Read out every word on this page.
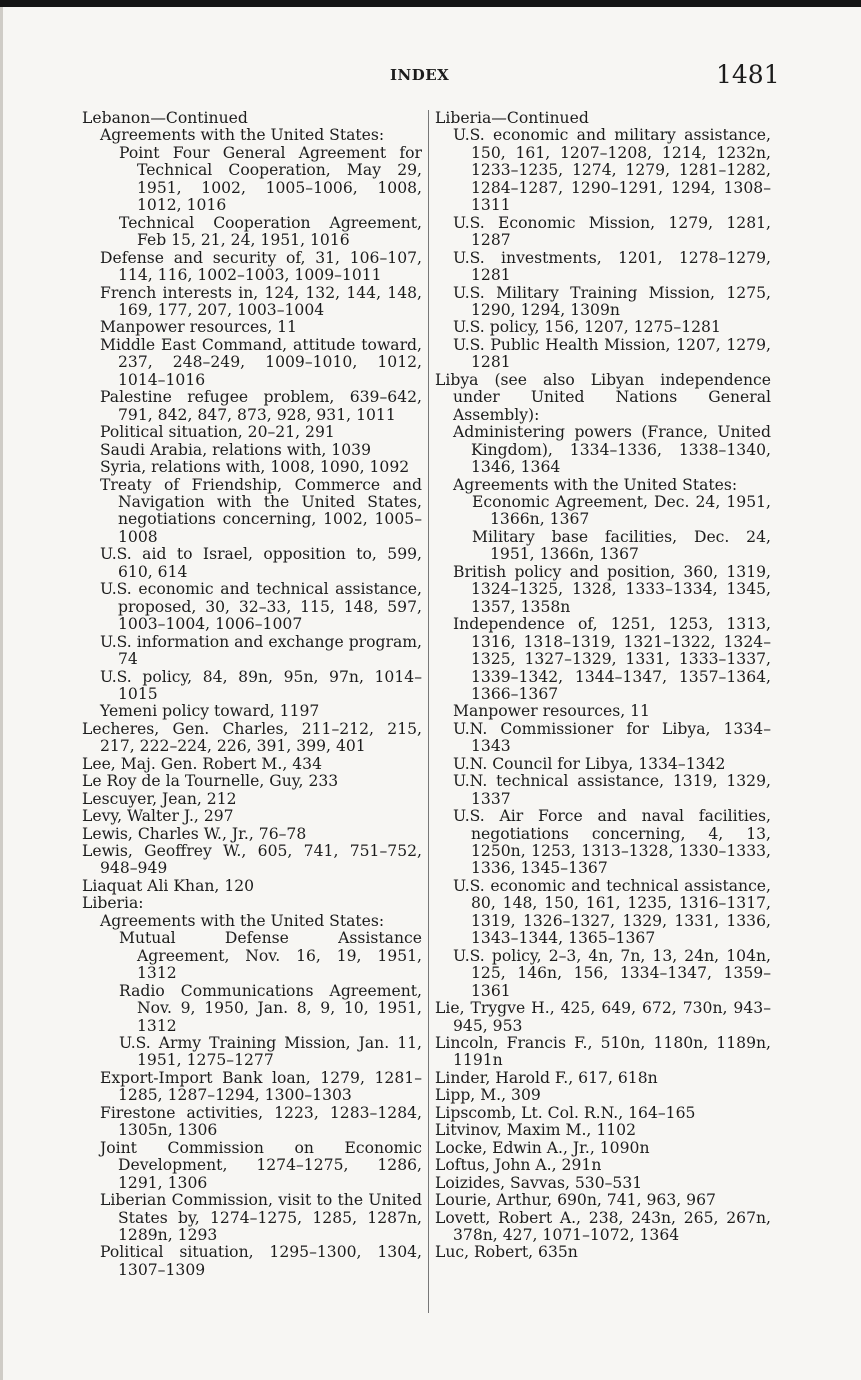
INDEX	1481
Lebanon—Continued
Agreements with the United States:
Point Four General Agreement for Technical Cooperation, May 29, 1951, 1002, 1005–1006, 1008, 1012, 1016
Technical Cooperation Agreement, Feb 15, 21, 24, 1951, 1016
Defense and security of, 31, 106–107, 114, 116, 1002–1003, 1009–1011
French interests in, 124, 132, 144, 148, 169, 177, 207, 1003–1004
Manpower resources, 11
Middle East Command, attitude toward, 237, 248–249, 1009–1010, 1012, 1014–1016
Palestine refugee problem, 639–642, 791, 842, 847, 873, 928, 931, 1011
Political situation, 20–21, 291
Saudi Arabia, relations with, 1039
Syria, relations with, 1008, 1090, 1092
Treaty of Friendship, Commerce and Navigation with the United States, negotiations concerning, 1002, 1005–1008
U.S. aid to Israel, opposition to, 599, 610, 614
U.S. economic and technical assistance, proposed, 30, 32–33, 115, 148, 597, 1003–1004, 1006–1007
U.S. information and exchange program, 74
U.S. policy, 84, 89n, 95n, 97n, 1014–1015
Yemeni policy toward, 1197
Lecheres, Gen. Charles, 211–212, 215, 217, 222–224, 226, 391, 399, 401
Lee, Maj. Gen. Robert M., 434
Le Roy de la Tournelle, Guy, 233
Lescuyer, Jean, 212
Levy, Walter J., 297
Lewis, Charles W., Jr., 76–78
Lewis, Geoffrey W., 605, 741, 751–752, 948–949
Liaquat Ali Khan, 120
Liberia:
Agreements with the United States:
Mutual Defense Assistance Agreement, Nov. 16, 19, 1951, 1312
Radio Communications Agreement, Nov. 9, 1950, Jan. 8, 9, 10, 1951, 1312
U.S. Army Training Mission, Jan. 11, 1951, 1275–1277
Export-Import Bank loan, 1279, 1281–1285, 1287–1294, 1300–1303
Firestone activities, 1223, 1283–1284, 1305n, 1306
Joint Commission on Economic Development, 1274–1275, 1286, 1291, 1306
Liberian Commission, visit to the United States by, 1274–1275, 1285, 1287n, 1289n, 1293
Political situation, 1295–1300, 1304, 1307–1309
Liberia—Continued
U.S. economic and military assistance, 150, 161, 1207–1208, 1214, 1232n, 1233–1235, 1274, 1279, 1281–1282, 1284–1287, 1290–1291, 1294, 1308–1311
U.S. Economic Mission, 1279, 1281, 1287
U.S. investments, 1201, 1278–1279, 1281
U.S. Military Training Mission, 1275, 1290, 1294, 1309n
U.S. policy, 156, 1207, 1275–1281
U.S. Public Health Mission, 1207, 1279, 1281
Libya (see also Libyan independence under United Nations General Assembly):
Administering powers (France, United Kingdom), 1334–1336, 1338–1340, 1346, 1364
Agreements with the United States:
Economic Agreement, Dec. 24, 1951, 1366n, 1367
Military base facilities, Dec. 24, 1951, 1366n, 1367
British policy and position, 360, 1319, 1324–1325, 1328, 1333–1334, 1345, 1357, 1358n
Independence of, 1251, 1253, 1313, 1316, 1318–1319, 1321–1322, 1324–1325, 1327–1329, 1331, 1333–1337, 1339–1342, 1344–1347, 1357–1364, 1366–1367
Manpower resources, 11
U.N. Commissioner for Libya, 1334–1343
U.N. Council for Libya, 1334–1342
U.N. technical assistance, 1319, 1329, 1337
U.S. Air Force and naval facilities, negotiations concerning, 4, 13, 1250n, 1253, 1313–1328, 1330–1333, 1336, 1345–1367
U.S. economic and technical assistance, 80, 148, 150, 161, 1235, 1316–1317, 1319, 1326–1327, 1329, 1331, 1336, 1343–1344, 1365–1367
U.S. policy, 2–3, 4n, 7n, 13, 24n, 104n, 125, 146n, 156, 1334–1347, 1359–1361
Lie, Trygve H., 425, 649, 672, 730n, 943–945, 953
Lincoln, Francis F., 510n, 1180n, 1189n, 1191n
Linder, Harold F., 617, 618n
Lipp, M., 309
Lipscomb, Lt. Col. R.N., 164–165
Litvinov, Maxim M., 1102
Locke, Edwin A., Jr., 1090n
Loftus, John A., 291n
Loizides, Savvas, 530–531
Lourie, Arthur, 690n, 741, 963, 967
Lovett, Robert A., 238, 243n, 265, 267n, 378n, 427, 1071–1072, 1364
Luc, Robert, 635n
